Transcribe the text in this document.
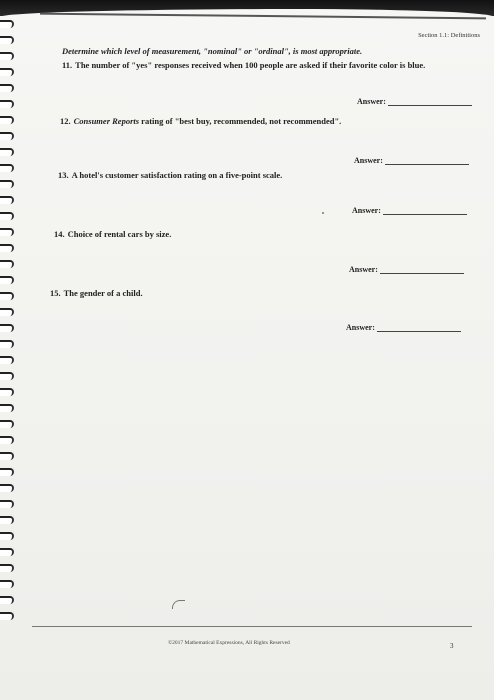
Section 1.1: Definitions
Determine which level of measurement, "nominal" or "ordinal", is most appropriate.
11. The number of "yes" responses received when 100 people are asked if their favorite color is blue.
Answer:
12. Consumer Reports rating of "best buy, recommended, not recommended".
Answer:
13. A hotel's customer satisfaction rating on a five-point scale.
Answer:
14. Choice of rental cars by size.
Answer:
15. The gender of a child.
Answer:
©2017 Mathematical Expressions, All Rights Reserved	3
